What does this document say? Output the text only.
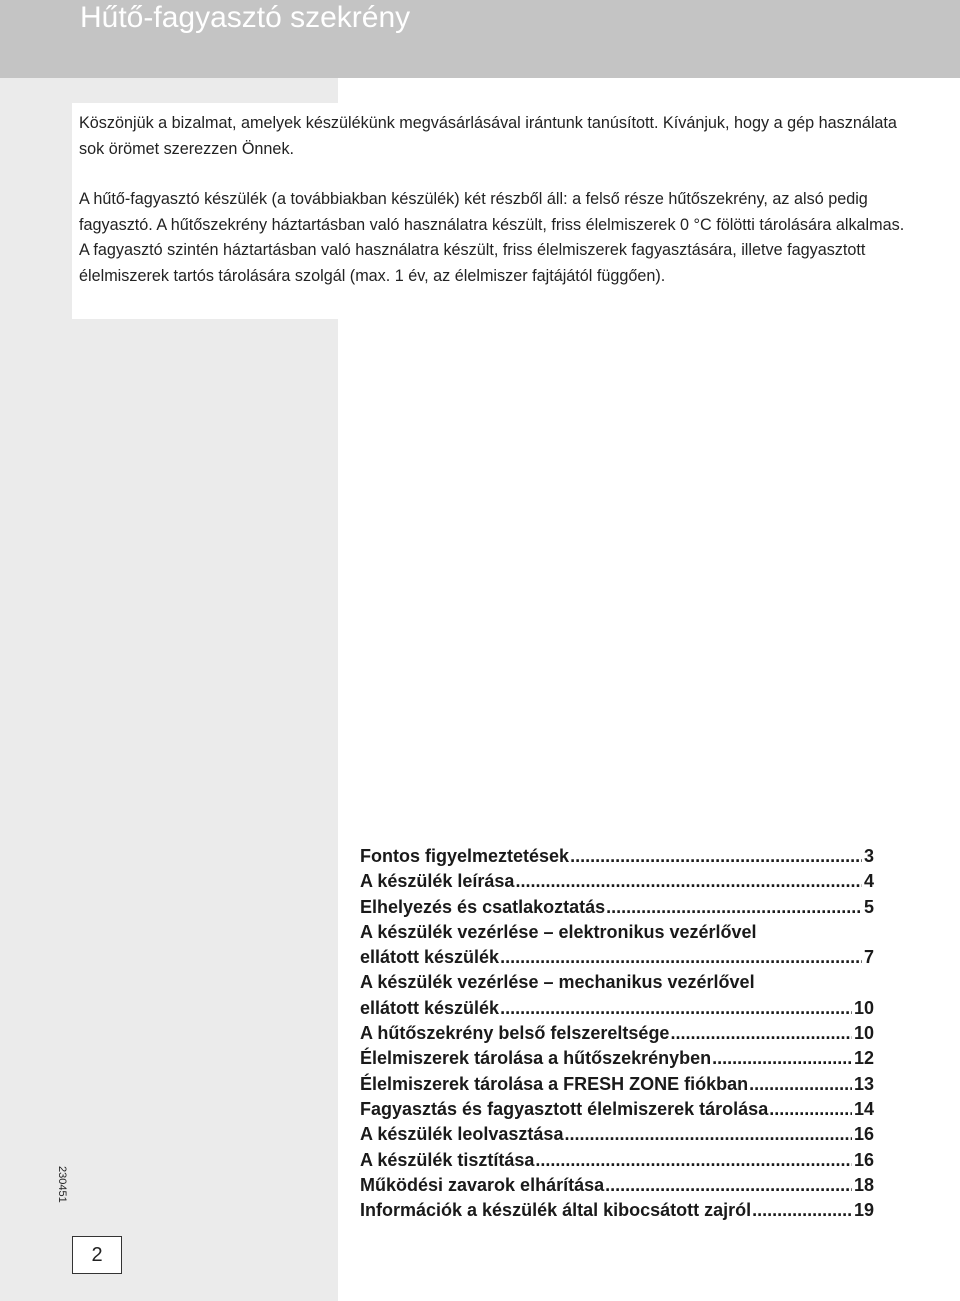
Hűtő-fagyasztó szekrény

Köszönjük a bizalmat, amelyek készülékünk megvásárlásával irántunk tanúsított. Kívánjuk, hogy a gép használata sok örömet szerezzen Önnek.

A hűtő-fagyasztó készülék (a továbbiakban készülék) két részből áll: a felső része hűtőszekrény, az alsó pedig fagyasztó. A hűtőszekrény háztartásban való használatra készült, friss élelmiszerek 0 °C fölötti tárolására alkalmas.

A fagyasztó szintén háztartásban való használatra készült, friss élelmiszerek fagyasztására, illetve fagyasztott élelmiszerek tartós tárolására szolgál (max. 1 év, az élelmiszer fajtájától függően).

230451
2
Fontos figyelmeztetések .....	3
A készülék leírása .....	4
Elhelyezés és csatlakoztatás .....	5
A készülék vezérlése – elektronikus vezérlővel
ellátott készülék .....	7
A készülék vezérlése – mechanikus vezérlővel
ellátott készülék .....	10
A hűtőszekrény belső felszereltsége .....	10
Élelmiszerek tárolása a hűtőszekrényben .....	12
Élelmiszerek tárolása a FRESH ZONE fiókban .....	13
Fagyasztás és fagyasztott élelmiszerek tárolása .....	14
A készülék leolvasztása .....	16
A készülék tisztítása .....	16
Működési zavarok elhárítása .....	18
Információk a készülék által kibocsátott zajról .....	19
